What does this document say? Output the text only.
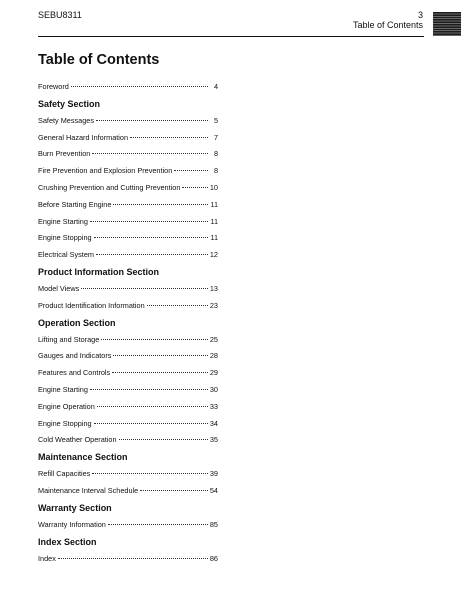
SEBU8311	3
Table of Contents
Table of Contents
Foreword	4
Safety Section
Safety Messages	5
General Hazard Information	7
Burn Prevention	8
Fire Prevention and Explosion Prevention	8
Crushing Prevention and Cutting Prevention	10
Before Starting Engine	11
Engine Starting	11
Engine Stopping	11
Electrical System	12
Product Information Section
Model Views	13
Product Identification Information	23
Operation Section
Lifting and Storage	25
Gauges and Indicators	28
Features and Controls	29
Engine Starting	30
Engine Operation	33
Engine Stopping	34
Cold Weather Operation	35
Maintenance Section
Refill Capacities	39
Maintenance Interval Schedule	54
Warranty Section
Warranty Information	85
Index Section
Index	86
